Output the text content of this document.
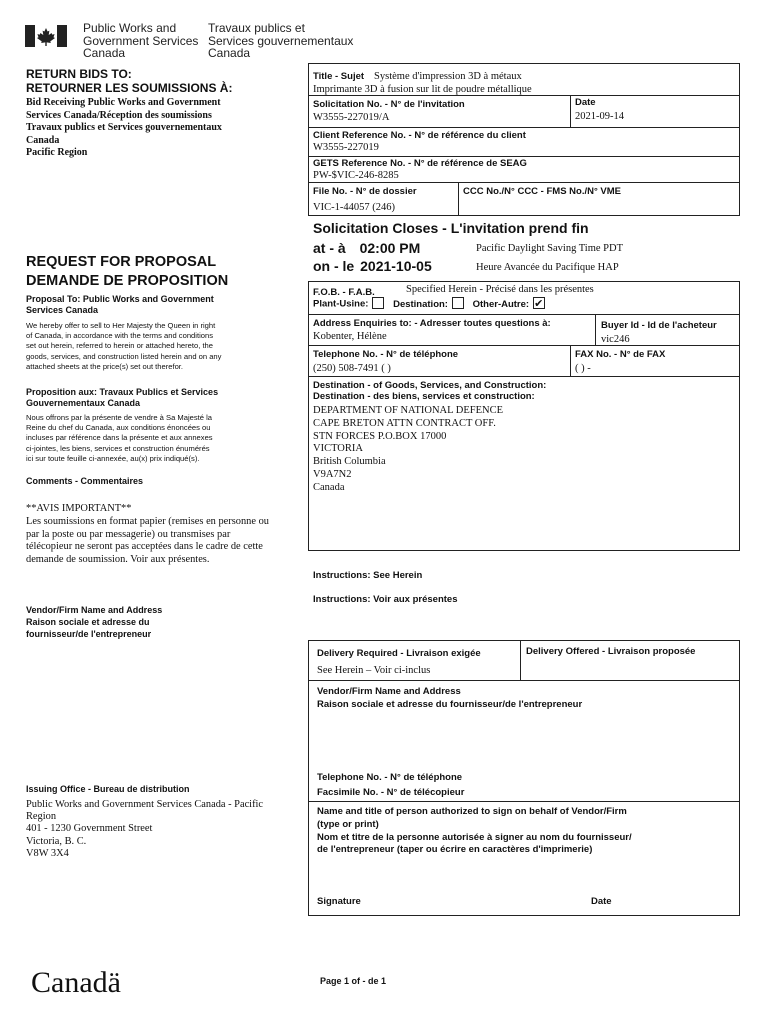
Public Works and
Government Services
Canada
Travaux publics et
Services gouvernementaux
Canada
RETURN BIDS TO:
RETOURNER LES SOUMISSIONS À:
Bid Receiving Public Works and Government
Services Canada/Réception des soumissions
Travaux publics et Services gouvernementaux
Canada
Pacific Region
REQUEST FOR PROPOSAL
DEMANDE DE PROPOSITION
Proposal To: Public Works and Government
Services Canada
We hereby offer to sell to Her Majesty the Queen in right
of Canada, in accordance with the terms and conditions
set out herein, referred to herein or attached hereto, the
goods, services, and construction listed herein and on any
attached sheets at the price(s) set out therefor.
Proposition aux: Travaux Publics et Services
Gouvernementaux Canada
Nous offrons par la présente de vendre à Sa Majesté la
Reine du chef du Canada, aux conditions énoncées ou
incluses par référence dans la présente et aux annexes
ci-jointes, les biens, services et construction énumérés
ici sur toute feuille ci-annexée, au(x) prix indiqué(s).
Comments - Commentaires
**AVIS IMPORTANT**
Les soumissions en format papier (remises en personne ou
par la poste ou par messagerie) ou transmises par
télécopieur ne seront pas acceptées dans le cadre de cette
demande de soumission. Voir aux présentes.
Vendor/Firm Name and Address
Raison sociale et adresse du
fournisseur/de l'entrepreneur
Issuing Office - Bureau de distribution
Public Works and Government Services Canada - Pacific
Region
401 - 1230 Government Street
Victoria, B. C.
V8W 3X4
Title - Sujet Système d'impression 3D à métaux
Imprimante 3D à fusion sur lit de poudre métallique
Solicitation No. - N° de l'invitation
W3555-227019/A
Date
2021-09-14
Client Reference No. - N° de référence du client
W3555-227019
GETS Reference No. - N° de référence de SEAG
PW-$VIC-246-8285
File No. - N° de dossier
VIC-1-44057 (246)
CCC No./N° CCC - FMS No./N° VME
Solicitation Closes - L'invitation prend fin
at - à 02:00 PM
on - le 2021-10-05
Pacific Daylight Saving Time PDT
Heure Avancée du Pacifique HAP
F.O.B. - F.A.B.	Specified Herein - Précisé dans les présentes
Plant-Usine:	Destination:	Other-Autre: ✔
Address Enquiries to: - Adresser toutes questions à:
Kobenter, Hélène
Buyer Id - Id de l'acheteur
vic246
Telephone No. - N° de téléphone
(250) 508-7491 ( )
FAX No. - N° de FAX
( ) -
Destination - of Goods, Services, and Construction:
Destination - des biens, services et construction:
DEPARTMENT OF NATIONAL DEFENCE
CAPE BRETON ATTN CONTRACT OFF.
STN FORCES P.O.BOX 17000
VICTORIA
British Columbia
V9A7N2
Canada
Instructions: See Herein
Instructions: Voir aux présentes
Delivery Required - Livraison exigée
See Herein – Voir ci-inclus
Delivery Offered - Livraison proposée
Vendor/Firm Name and Address
Raison sociale et adresse du fournisseur/de l'entrepreneur
Telephone No. - N° de téléphone
Facsimile No. - N° de télécopieur
Name and title of person authorized to sign on behalf of Vendor/Firm
(type or print)
Nom et titre de la personne autorisée à signer au nom du fournisseur/
de l'entrepreneur (taper ou écrire en caractères d'imprimerie)
Signature	Date
Canadä	Page 1 of - de 1
